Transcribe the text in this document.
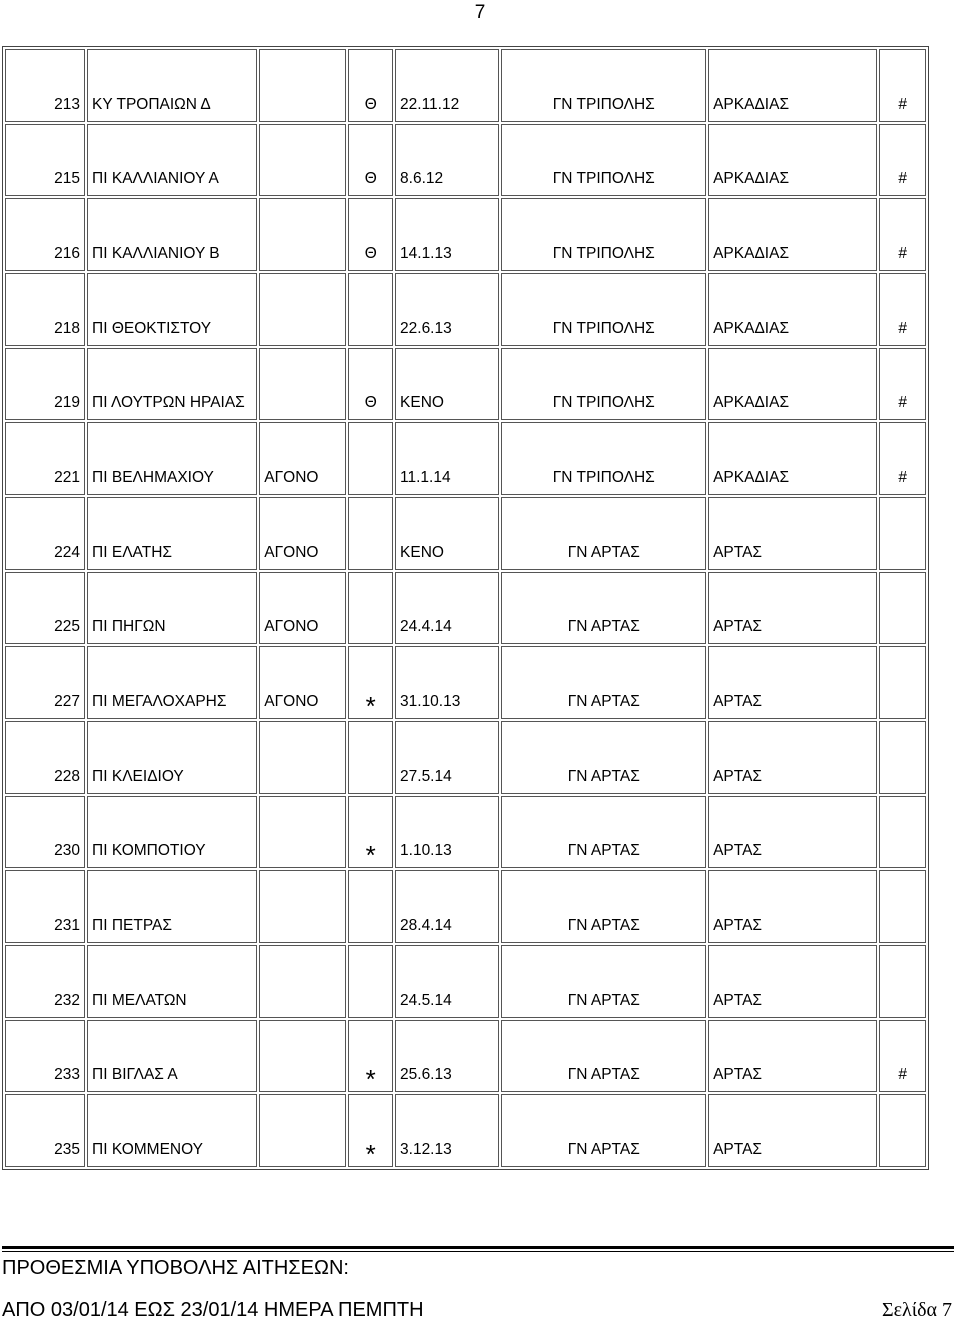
7
213	ΚΥ ΤΡΟΠΑΙΩΝ Δ		Θ	22.11.12	ΓΝ ΤΡΙΠΟΛΗΣ	ΑΡΚΑΔΙΑΣ	#
215	ΠΙ ΚΑΛΛΙΑΝΙΟΥ Α		Θ	8.6.12	ΓΝ ΤΡΙΠΟΛΗΣ	ΑΡΚΑΔΙΑΣ	#
216	ΠΙ ΚΑΛΛΙΑΝΙΟΥ Β		Θ	14.1.13	ΓΝ ΤΡΙΠΟΛΗΣ	ΑΡΚΑΔΙΑΣ	#
218	ΠΙ ΘΕΟΚΤΙΣΤΟΥ			22.6.13	ΓΝ ΤΡΙΠΟΛΗΣ	ΑΡΚΑΔΙΑΣ	#
219	ΠΙ ΛΟΥΤΡΩΝ ΗΡΑΙΑΣ		Θ	ΚΕΝΟ	ΓΝ ΤΡΙΠΟΛΗΣ	ΑΡΚΑΔΙΑΣ	#
221	ΠΙ ΒΕΛΗΜΑΧΙΟΥ	ΑΓΟΝΟ		11.1.14	ΓΝ ΤΡΙΠΟΛΗΣ	ΑΡΚΑΔΙΑΣ	#
224	ΠΙ ΕΛΑΤΗΣ	ΑΓΟΝΟ		ΚΕΝΟ	ΓΝ ΑΡΤΑΣ	ΑΡΤΑΣ	
225	ΠΙ ΠΗΓΩΝ	ΑΓΟΝΟ		24.4.14	ΓΝ ΑΡΤΑΣ	ΑΡΤΑΣ	
227	ΠΙ ΜΕΓΑΛΟΧΑΡΗΣ	ΑΓΟΝΟ	*	31.10.13	ΓΝ ΑΡΤΑΣ	ΑΡΤΑΣ	
228	ΠΙ ΚΛΕΙΔΙΟΥ			27.5.14	ΓΝ ΑΡΤΑΣ	ΑΡΤΑΣ	
230	ΠΙ ΚΟΜΠΟΤΙΟΥ		*	1.10.13	ΓΝ ΑΡΤΑΣ	ΑΡΤΑΣ	
231	ΠΙ ΠΕΤΡΑΣ			28.4.14	ΓΝ ΑΡΤΑΣ	ΑΡΤΑΣ	
232	ΠΙ ΜΕΛΑΤΩΝ			24.5.14	ΓΝ ΑΡΤΑΣ	ΑΡΤΑΣ	
233	ΠΙ ΒΙΓΛΑΣ Α		*	25.6.13	ΓΝ ΑΡΤΑΣ	ΑΡΤΑΣ	#
235	ΠΙ ΚΟΜΜΕΝΟΥ		*	3.12.13	ΓΝ ΑΡΤΑΣ	ΑΡΤΑΣ	
ΠΡΟΘΕΣΜΙΑ ΥΠΟΒΟΛΗΣ ΑΙΤΗΣΕΩΝ:
ΑΠΟ 03/01/14 ΕΩΣ 23/01/14 ΗΜΕΡΑ ΠΕΜΠΤΗ	Σελίδα 7
